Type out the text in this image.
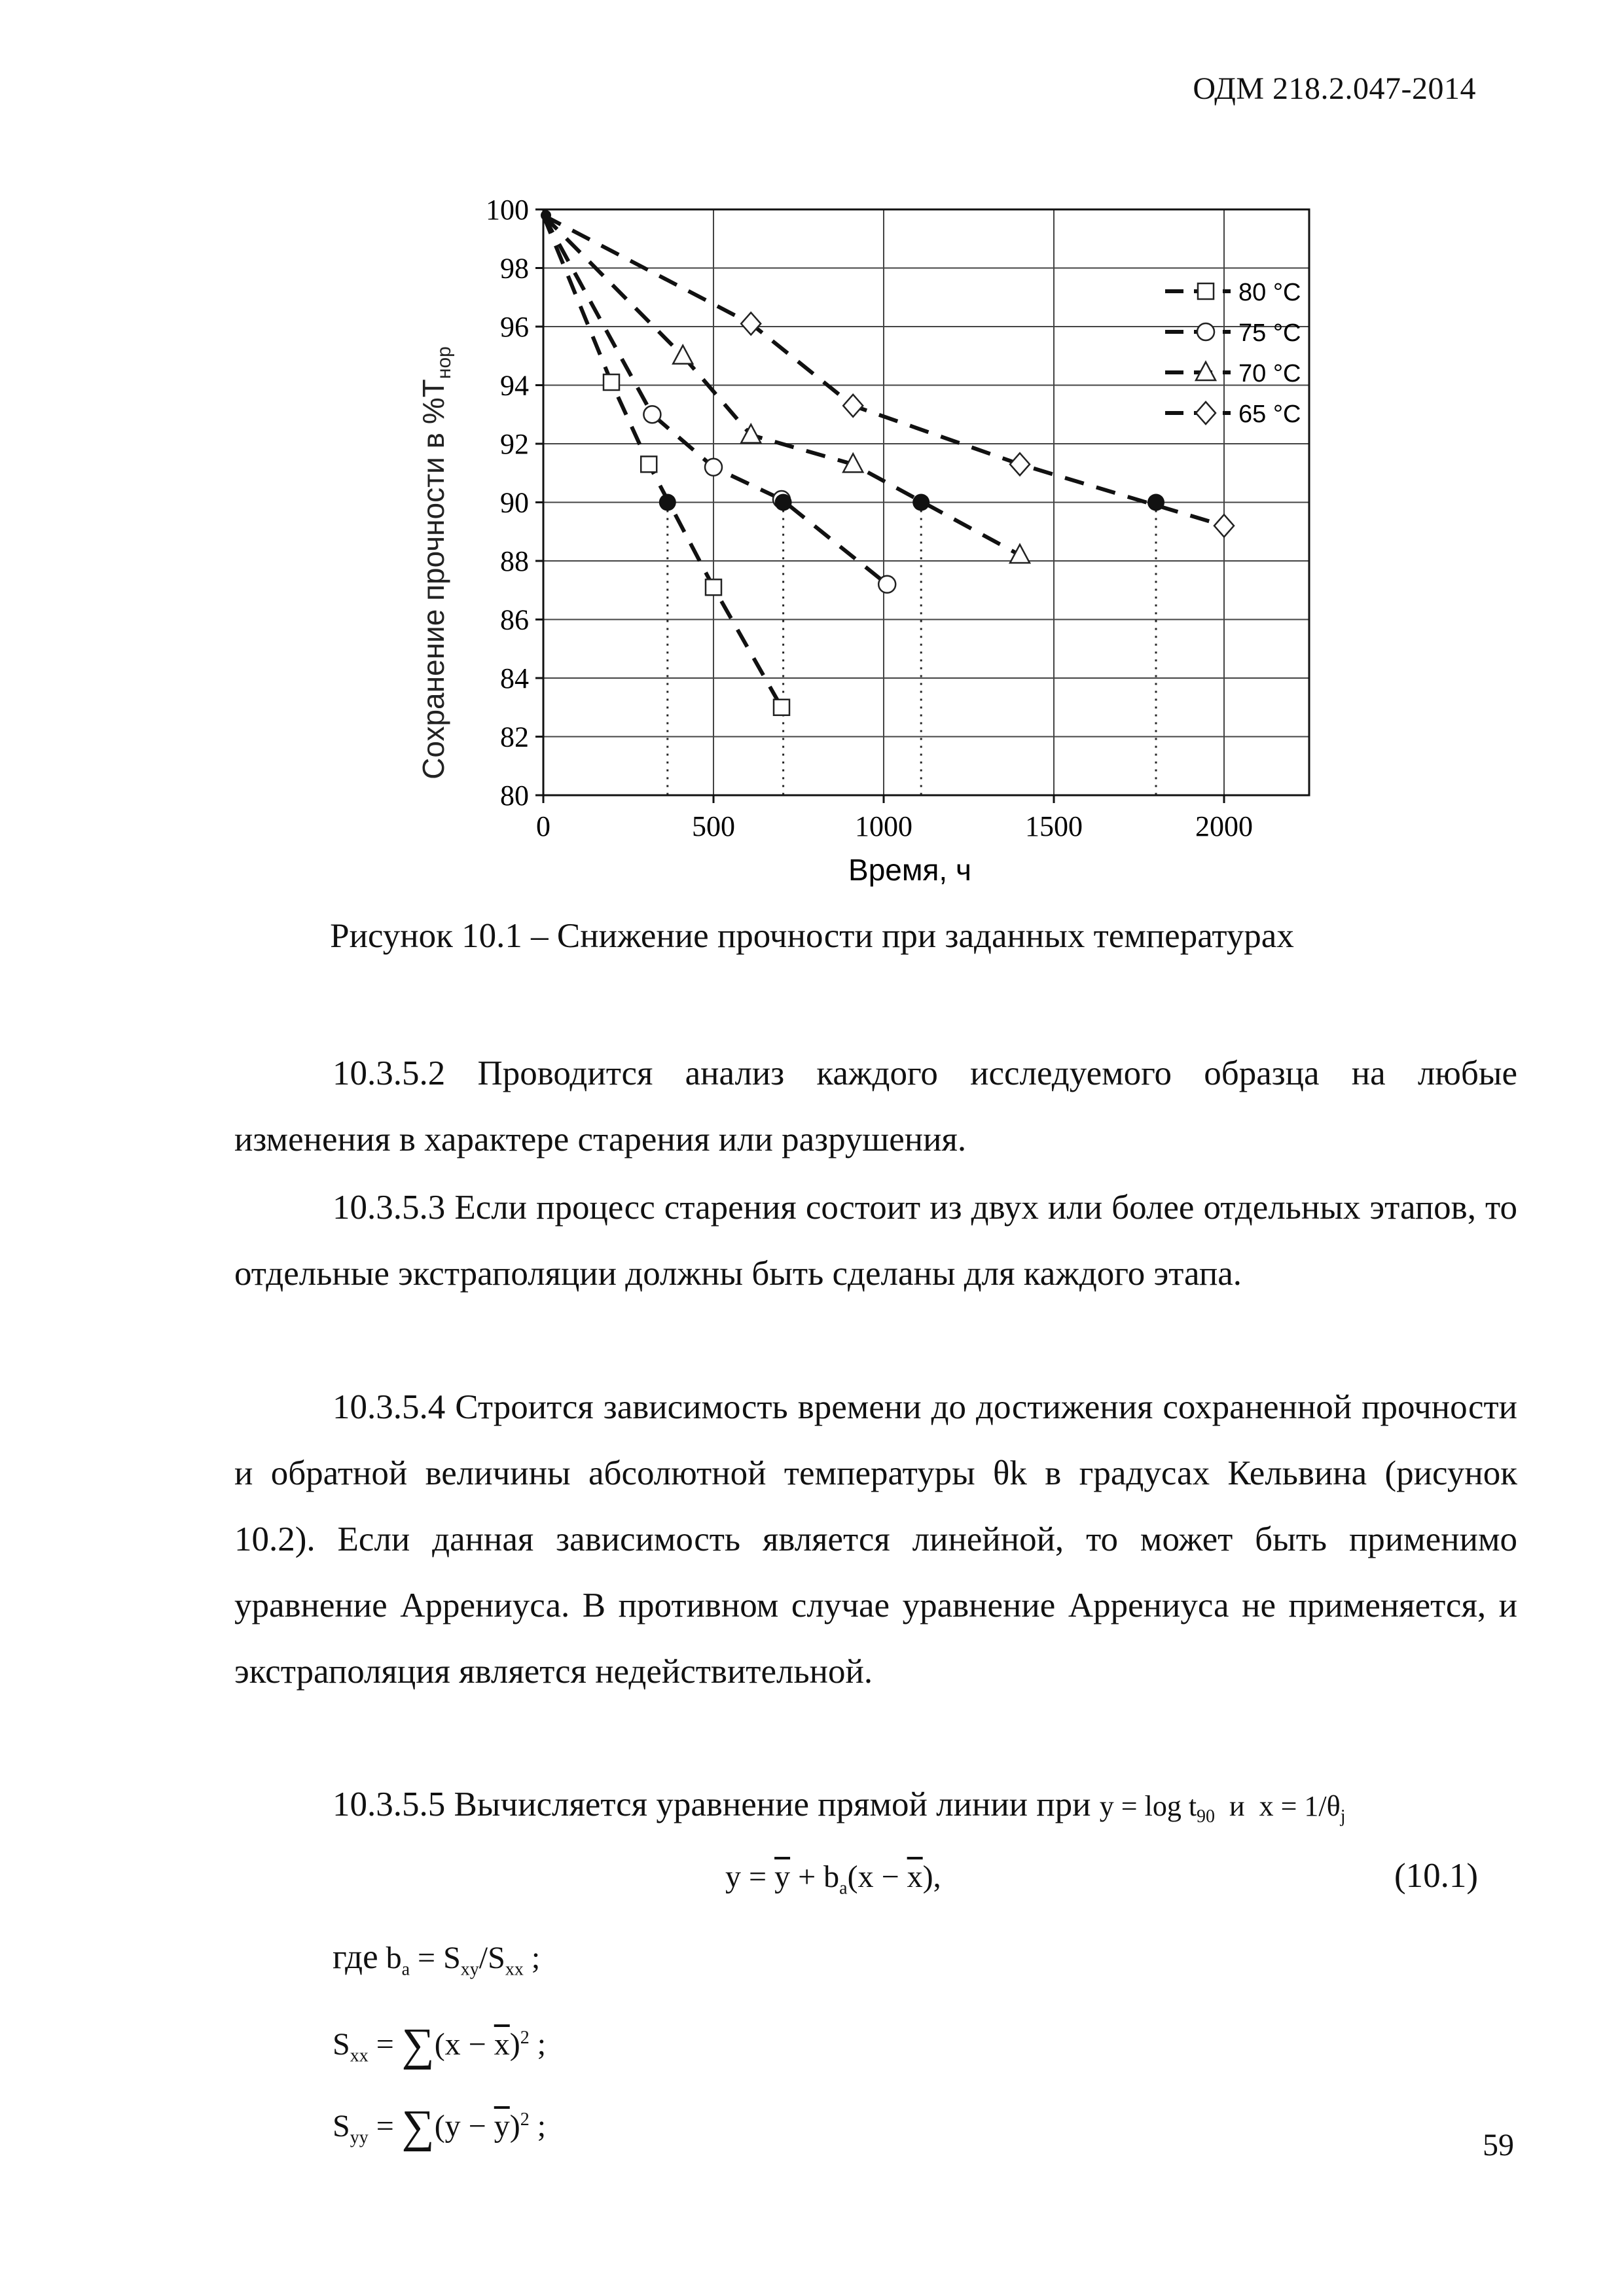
ОДМ 218.2.047-2014
0	500	1000	1500	2000
80
82
84
86
88
90
92
94
96
98
100
80 °C
75 °C
70 °C
65 °C
Время, ч
Сохранение прочности в $\%T_{нор}$
Рисунок 10.1 – Снижение прочности при заданных температурах

10.3.5.2 Проводится анализ каждого исследуемого образца на любые изменения в характере старения или разрушения.

10.3.5.3 Если процесс старения состоит из двух или более отдельных этапов, то отдельные экстраполяции должны быть сделаны для каждого этапа.

10.3.5.4 Строится зависимость времени до достижения сохраненной прочности и обратной величины абсолютной температуры θk в градусах Кельвина (рисунок 10.2). Если данная зависимость является линейной, то может быть применимо уравнение Аррениуса. В противном случае уравнение Аррениуса не применяется, и экстраполяция является недействительной.

10.3.5.5 Вычисляется уравнение прямой линии при $y = \log t_{90}$  и  $x = 1/\theta_j$
$y = \overline{y} + b_a(x - \overline{x})$,	(10.1)
где $b_a = S_{xy}/S_{xx}$ ;
$S_{xx} = \sum(x - \overline{x})^2$ ;
$S_{yy} = \sum(y - \overline{y})^2$ ;
59
